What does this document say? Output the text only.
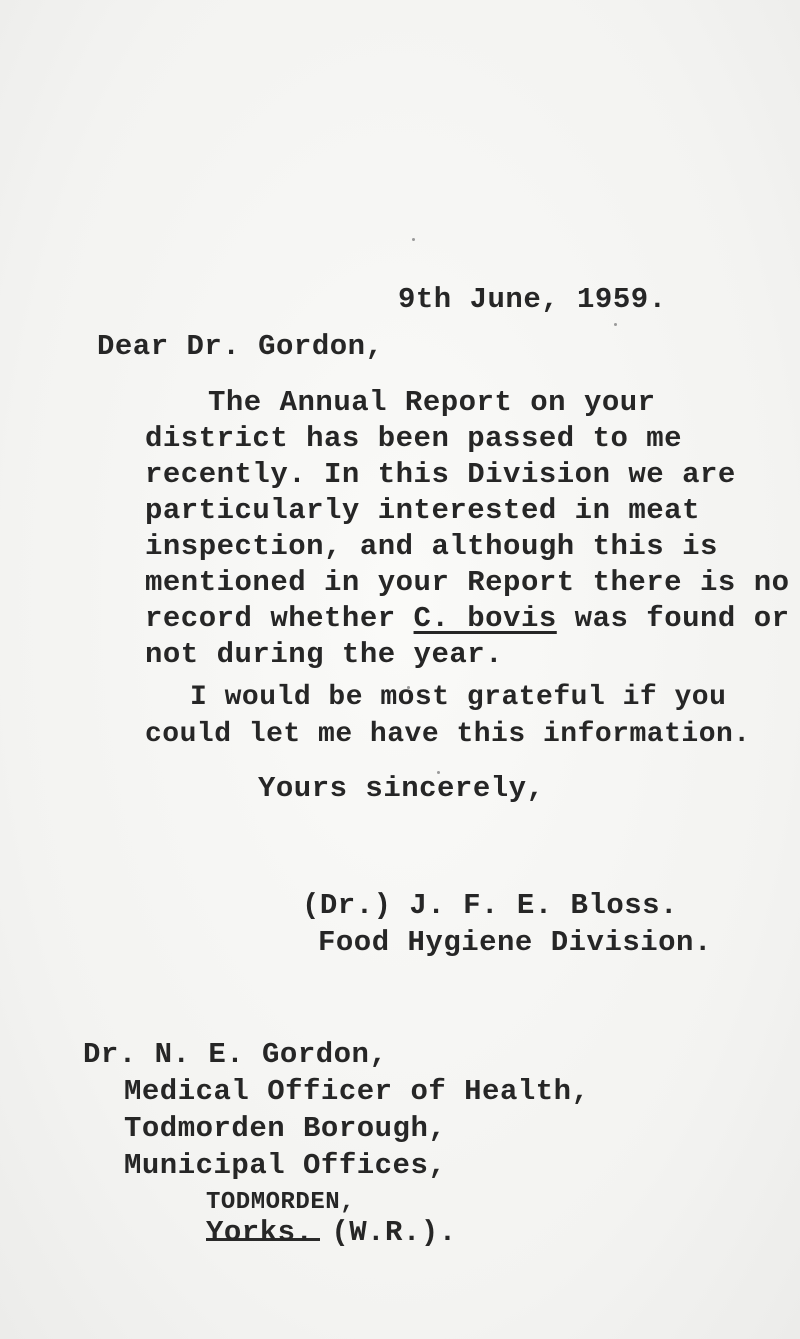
9th June, 1959.
Dear Dr. Gordon,
The Annual Report on your
district has been passed to me
recently. In this Division we are
particularly interested in meat
inspection, and although this is
mentioned in your Report there is no
record whether C. bovis was found or
not during the year.
I would be most grateful if you
could let me have this information.
Yours sincerely,
(Dr.) J. F. E. Bloss.
Food Hygiene Division.
Dr. N. E. Gordon,
Medical Officer of Health,
Todmorden Borough,
Municipal Offices,
TODMORDEN,
Yorks. (W.R.).
